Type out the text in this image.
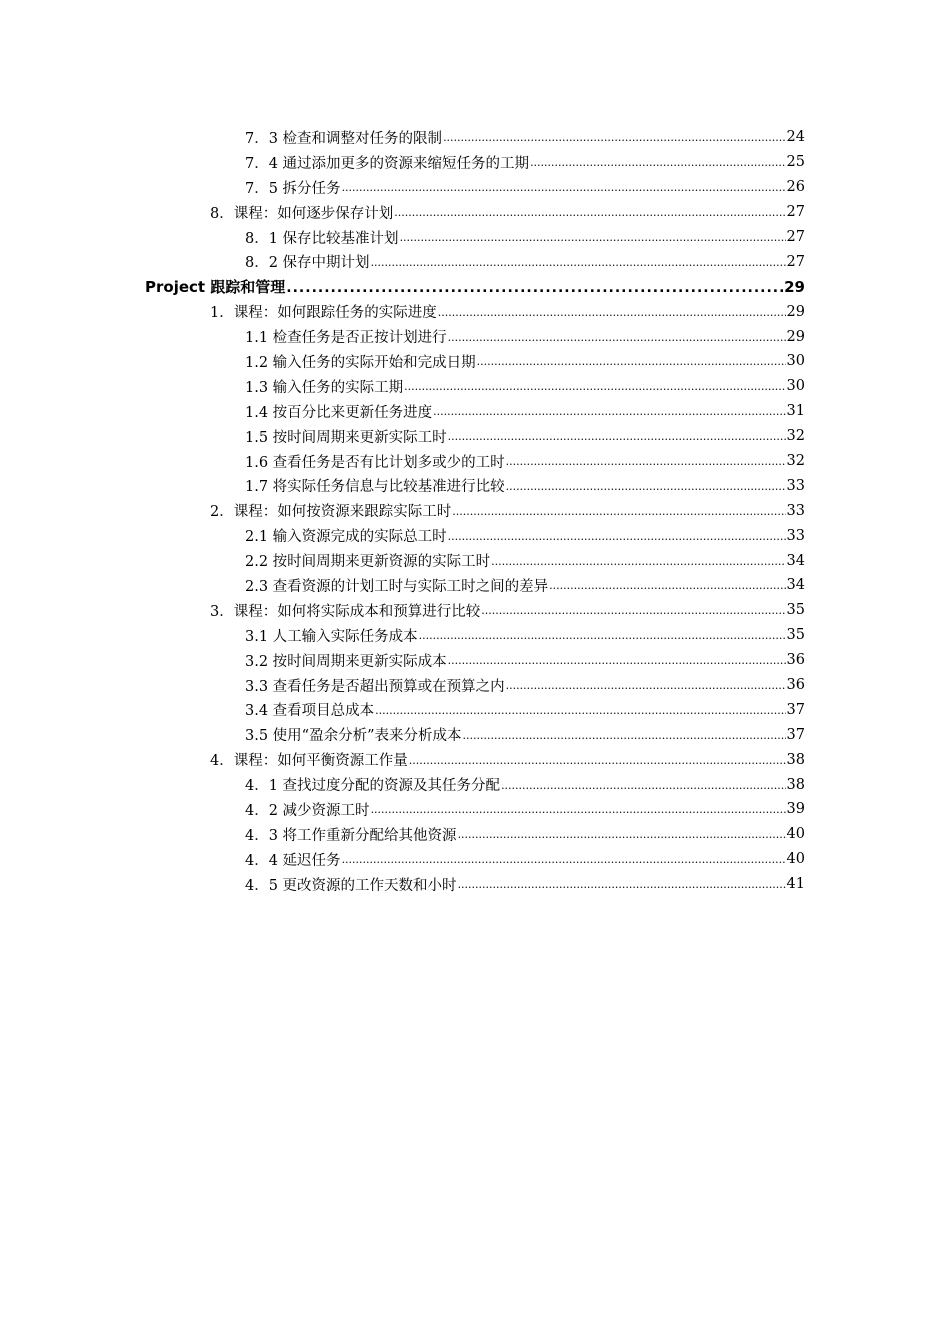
7．3 检查和调整对任务的限制 .....	24
7．4 通过添加更多的资源来缩短任务的工期 .....	25
7．5 拆分任务 .....	26
8．课程：如何逐步保存计划 .....	27
8．1 保存比较基准计划 .....	27
8．2 保存中期计划 .....	27
Project 跟踪和管理 .....	29
1．课程：如何跟踪任务的实际进度 .....	29
1.1 检查任务是否正按计划进行 .....	29
1.2 输入任务的实际开始和完成日期 .....	30
1.3 输入任务的实际工期 .....	30
1.4 按百分比来更新任务进度 .....	31
1.5 按时间周期来更新实际工时 .....	32
1.6 查看任务是否有比计划多或少的工时 .....	32
1.7 将实际任务信息与比较基准进行比较 .....	33
2．课程：如何按资源来跟踪实际工时 .....	33
2.1 输入资源完成的实际总工时 .....	33
2.2 按时间周期来更新资源的实际工时 .....	34
2.3 查看资源的计划工时与实际工时之间的差异 .....	34
3．课程：如何将实际成本和预算进行比较 .....	35
3.1 人工输入实际任务成本 .....	35
3.2 按时间周期来更新实际成本 .....	36
3.3 查看任务是否超出预算或在预算之内 .....	36
3.4 查看项目总成本 .....	37
3.5 使用“盈余分析”表来分析成本 .....	37
4．课程：如何平衡资源工作量 .....	38
4．1 查找过度分配的资源及其任务分配 .....	38
4．2 减少资源工时 .....	39
4．3 将工作重新分配给其他资源 .....	40
4．4 延迟任务 .....	40
4．5 更改资源的工作天数和小时 .....	41
